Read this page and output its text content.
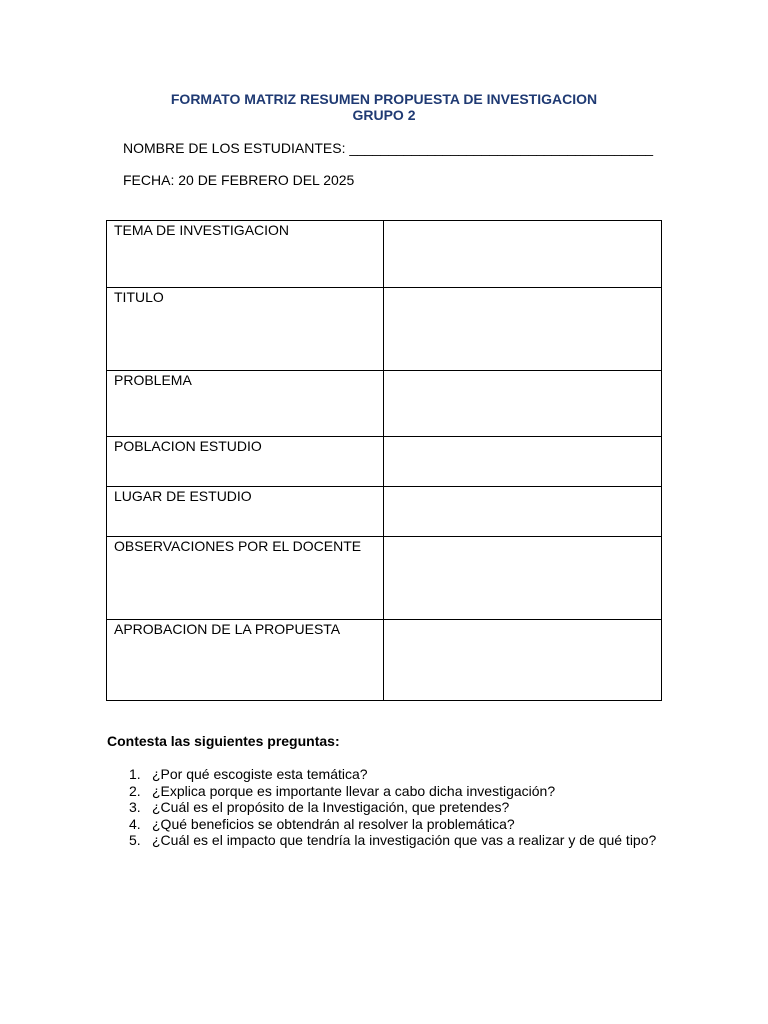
FORMATO MATRIZ RESUMEN PROPUESTA DE INVESTIGACION
GRUPO 2
NOMBRE DE LOS ESTUDIANTES: _______________________________________
FECHA: 20 DE FEBRERO DEL 2025
TEMA DE INVESTIGACION	
TITULO	
PROBLEMA	
POBLACION ESTUDIO	
LUGAR DE ESTUDIO	
OBSERVACIONES POR EL DOCENTE	
APROBACION DE LA PROPUESTA	
Contesta las siguientes preguntas:
1. ¿Por qué escogiste esta temática?
2. ¿Explica porque es importante llevar a cabo dicha investigación?
3. ¿Cuál es el propósito de la Investigación, que pretendes?
4. ¿Qué beneficios se obtendrán al resolver la problemática?
5. ¿Cuál es el impacto que tendría la investigación que vas a realizar y de qué tipo?
